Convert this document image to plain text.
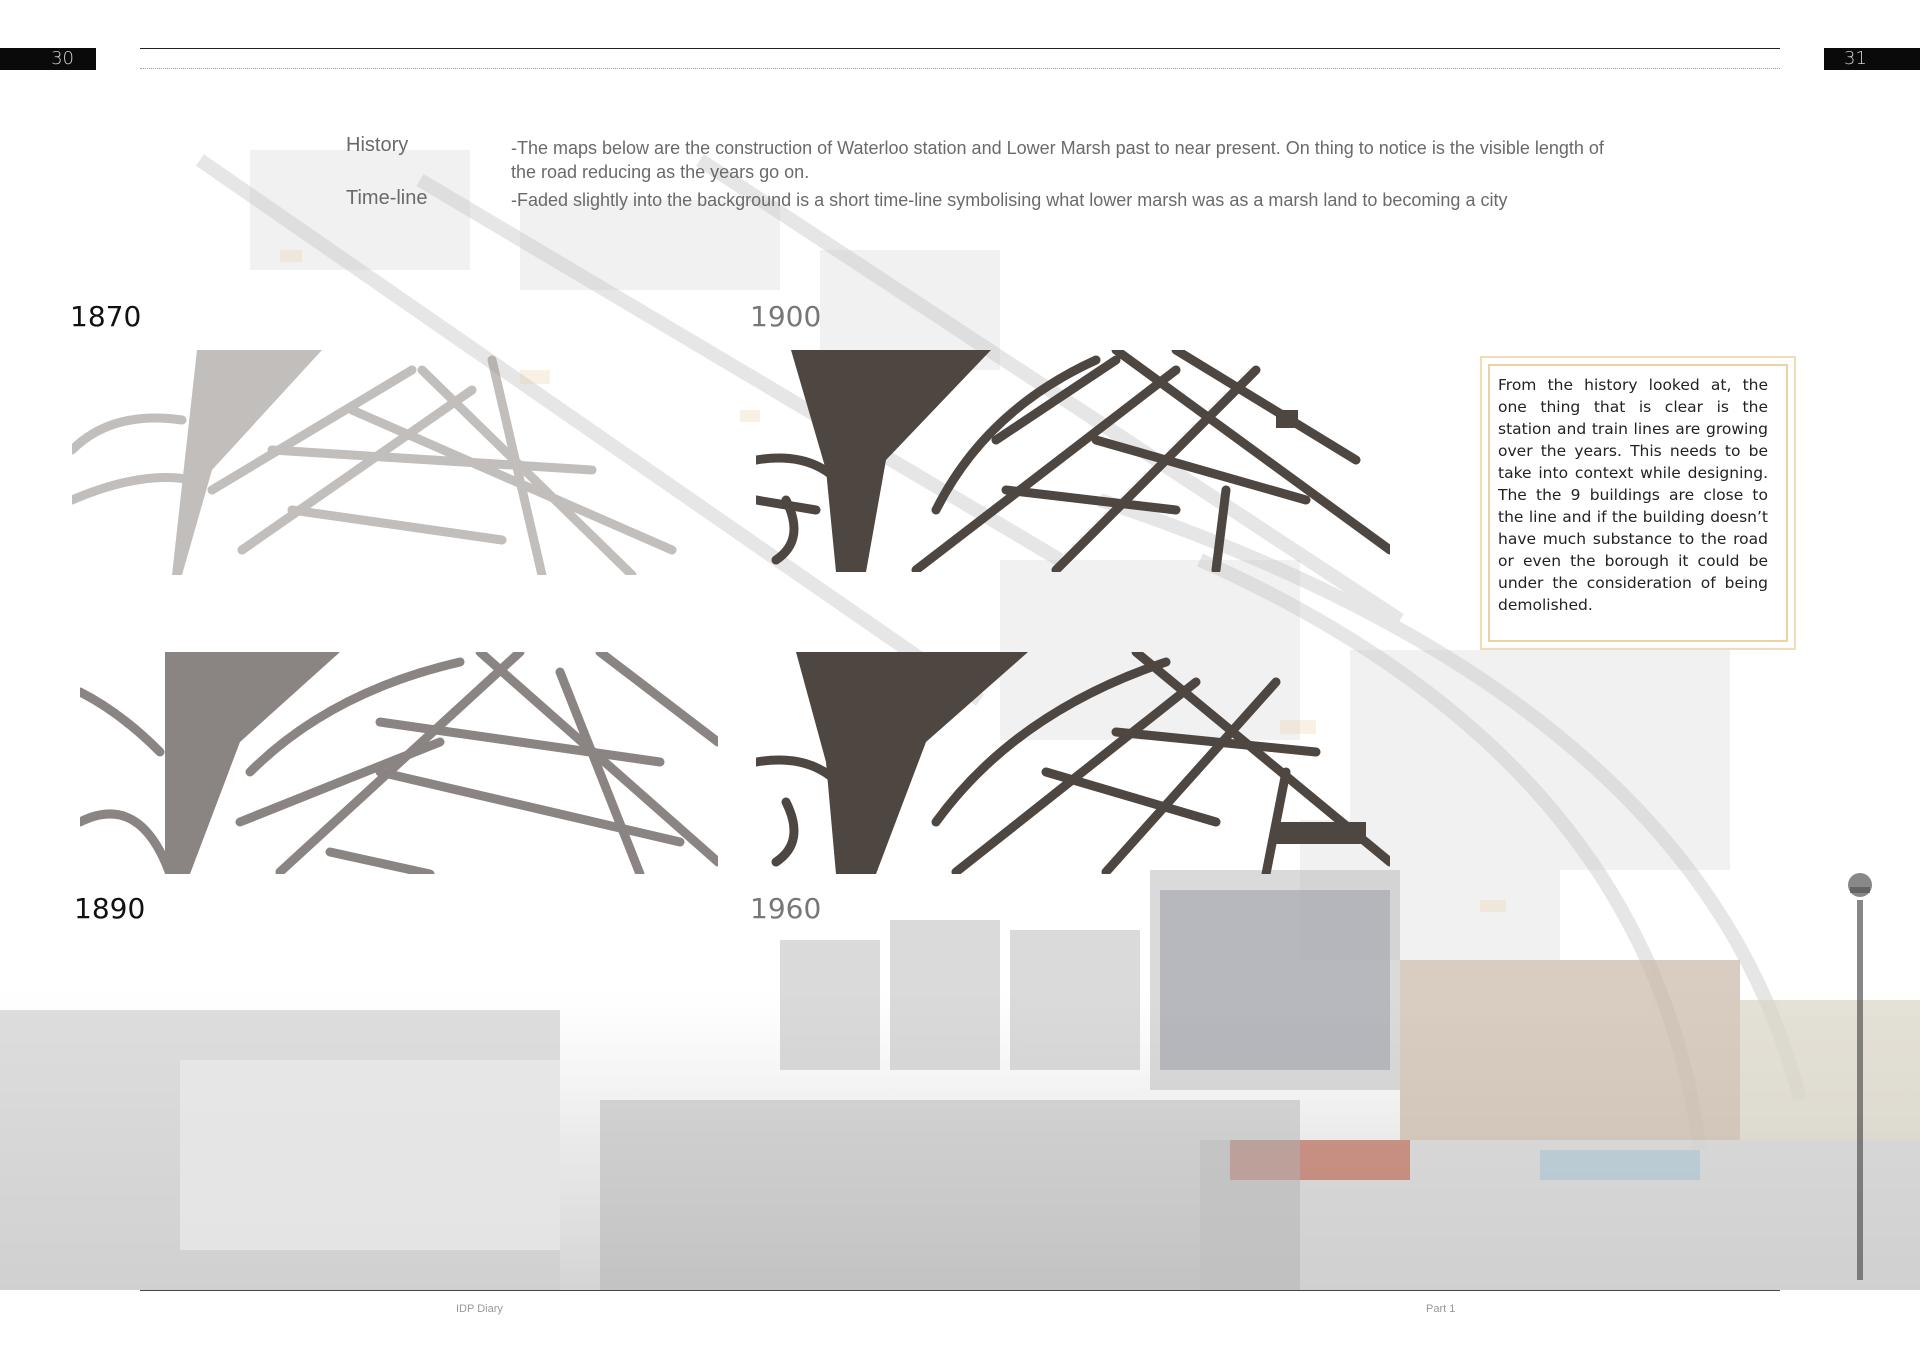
30	31
Baylis Rd
a Primary School
History	-The maps below are the construction of Waterloo station and Lower Marsh past to near present. On thing to notice is the visible length of the road reducing as the years go on.
Time-line	-Faded slightly into the background is a short time-line symbolising what lower marsh was as a marsh land to becoming a city
1870	1900
1890	1960
From the history looked at, the one thing that is clear is the station and train lines are growing over the years. This needs to be take into context while designing. The the 9 buildings are close to the line and if the building doesn’t have much substance to the road or even the borough it could be under the consideration of being demolished.
IDP Diary	Part 1
